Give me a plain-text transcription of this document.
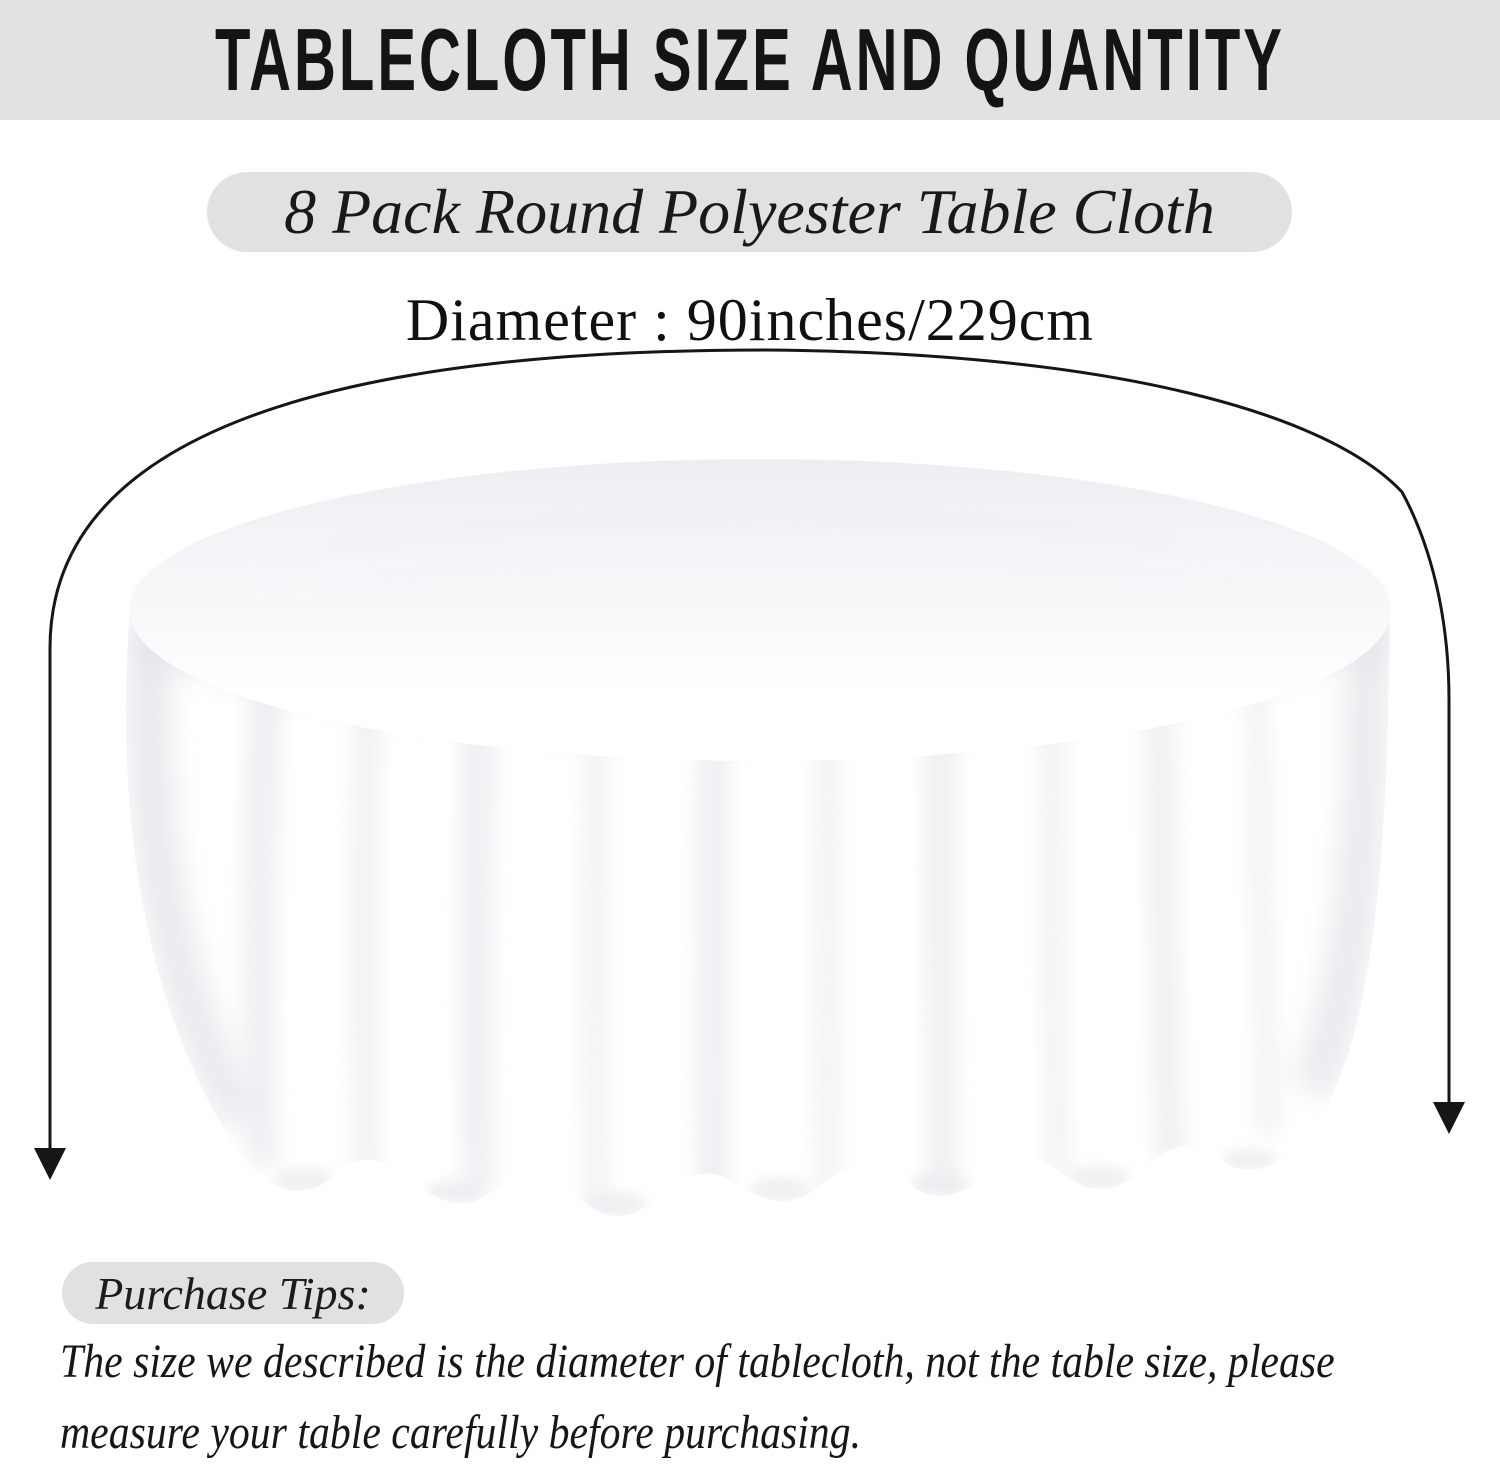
TABLECLOTH SIZE AND QUANTITY
8 Pack Round Polyester Table Cloth
Diameter : 90inches/229cm
Purchase Tips:
The size we described is the diameter of tablecloth, not the table size, please
measure your table carefully before purchasing.
